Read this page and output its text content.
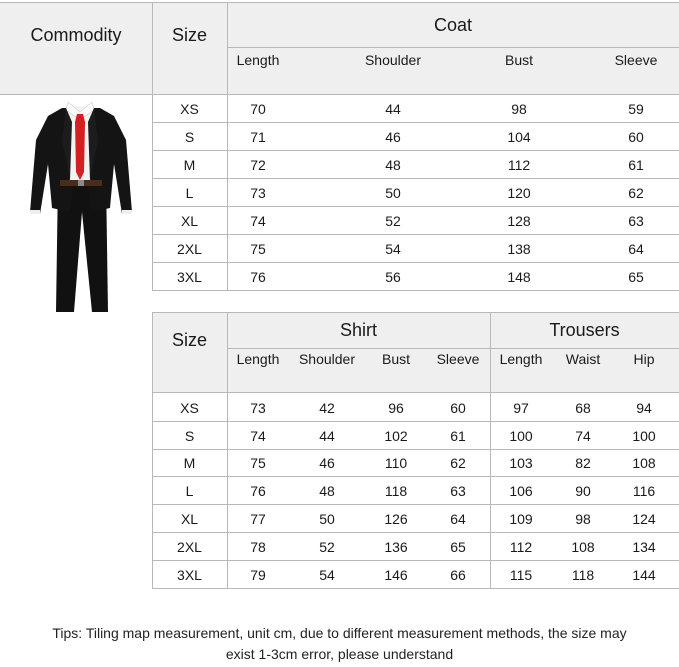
Commodity	Size	Coat
Length	Shoulder	Bust	Sleeve
XS	70	44	98	59
S	71	46	104	60
M	72	48	112	61
L	73	50	120	62
XL	74	52	128	63
2XL	75	54	138	64
3XL	76	56	148	65
Size	Shirt	Trousers
Length	Shoulder	Bust	Sleeve	Length	Waist	Hip
XS	73	42	96	60	97	68	94
S	74	44	102	61	100	74	100
M	75	46	110	62	103	82	108
L	76	48	118	63	106	90	116
XL	77	50	126	64	109	98	124
2XL	78	52	136	65	112	108	134
3XL	79	54	146	66	115	118	144
Tips: Tiling map measurement, unit cm, due to different measurement methods, the size may
exist 1-3cm error, please understand
